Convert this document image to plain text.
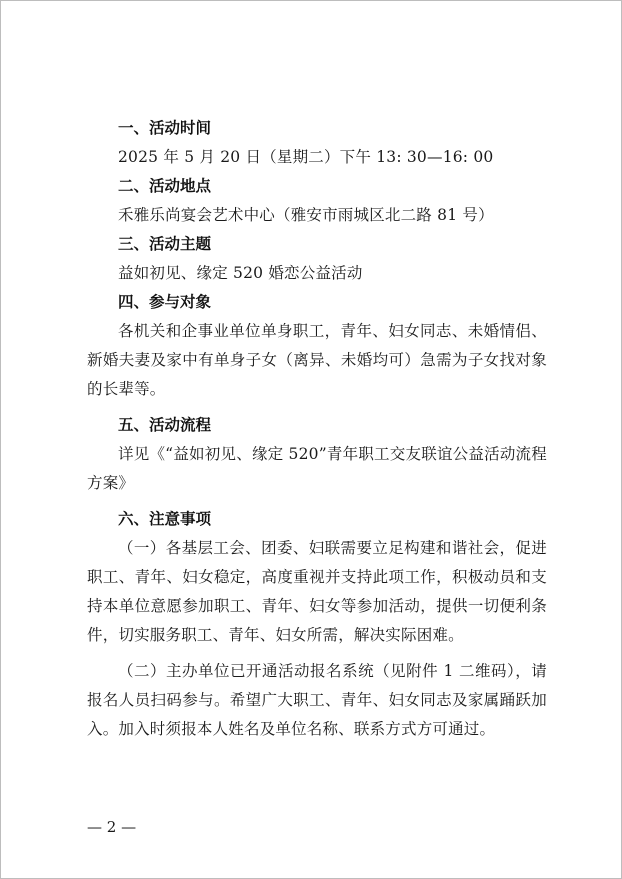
一、活动时间

2025 年 5 月 20 日（星期二）下午 13: 30—16: 00

二、活动地点

禾雅乐尚宴会艺术中心（雅安市雨城区北二路 81 号）

三、活动主题

益如初见、缘定 520 婚恋公益活动

四、参与对象

各机关和企事业单位单身职工，青年、妇女同志、未婚情侣、新婚夫妻及家中有单身子女（离异、未婚均可）急需为子女找对象的长辈等。

五、活动流程

详见《“益如初见、缘定 520”青年职工交友联谊公益活动流程方案》

六、注意事项

（一）各基层工会、团委、妇联需要立足构建和谐社会，促进职工、青年、妇女稳定，高度重视并支持此项工作，积极动员和支持本单位意愿参加职工、青年、妇女等参加活动，提供一切便利条件，切实服务职工、青年、妇女所需，解决实际困难。

（二）主办单位已开通活动报名系统（见附件 1 二维码），请报名人员扫码参与。希望广大职工、青年、妇女同志及家属踊跃加入。加入时须报本人姓名及单位名称、联系方式方可通过。

— 2 —
